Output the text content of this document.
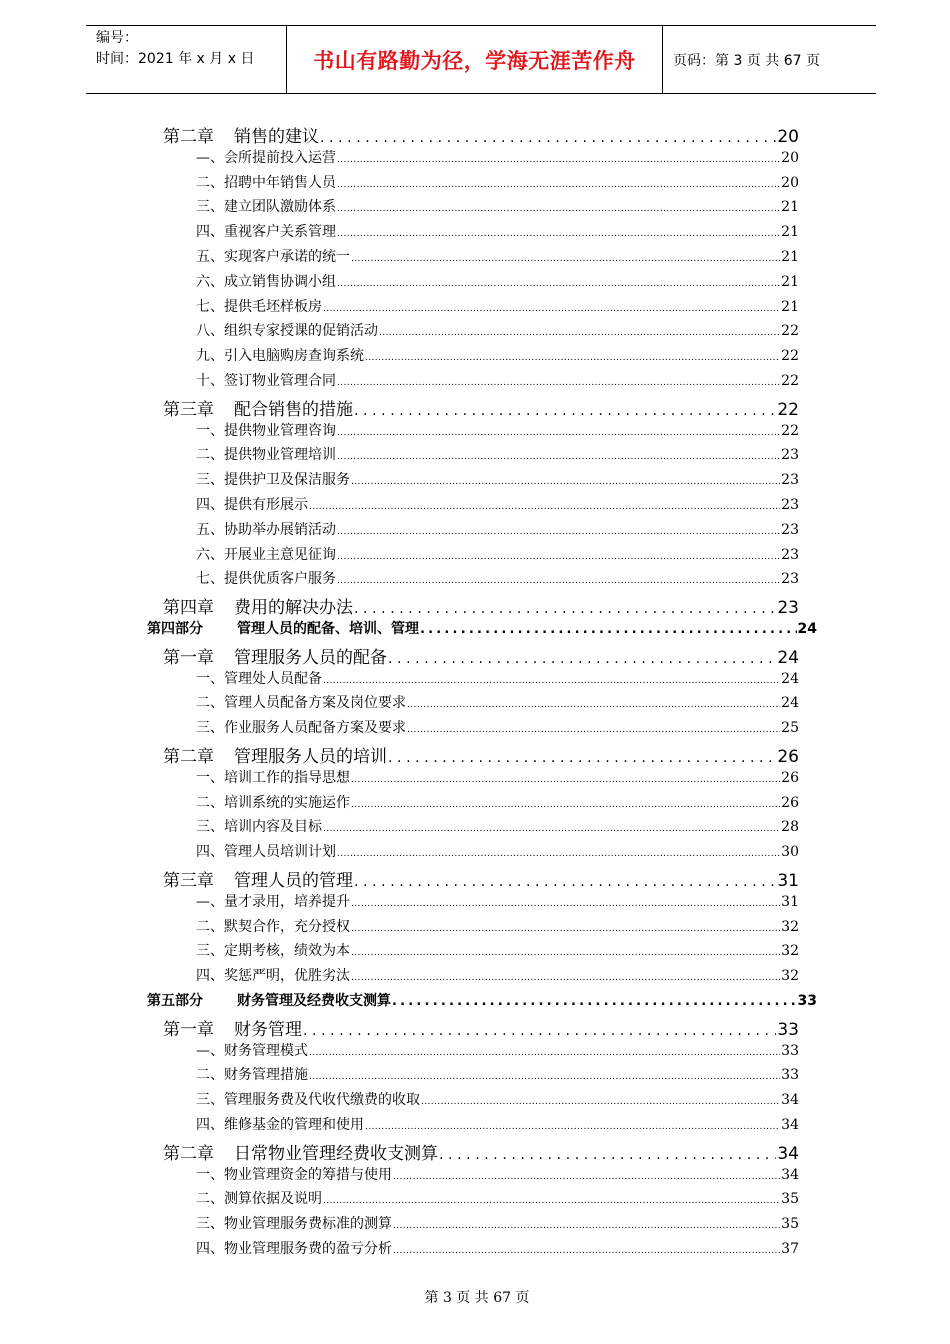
编号：
时间：2021 年 x 月 x 日	书山有路勤为径，学海无涯苦作舟	页码：第 3 页 共 67 页
第二章 销售的建议 .....	20
—、会所提前投入运营 .....	20
二、招聘中年销售人员 .....	20
三、建立团队激励体系 .....	21
四、重视客户关系管理 .....	21
五、实现客户承诺的统一 .....	21
六、成立销售协调小组 .....	21
七、提供毛坯样板房 .....	21
八、组织专家授课的促销活动 .....	22
九、引入电脑购房查询系统 .....	22
十、签订物业管理合同 .....	22
第三章 配合销售的措施 .....	22
一、提供物业管理咨询 .....	22
二、提供物业管理培训 .....	23
三、提供护卫及保洁服务 .....	23
四、提供有形展示 .....	23
五、协助举办展销活动 .....	23
六、开展业主意见征询 .....	23
七、提供优质客户服务 .....	23
第四章 费用的解决办法 .....	23
第四部分 管理人员的配备、培训、管理 .....	24
第一章 管理服务人员的配备 .....	24
一、管理处人员配备 .....	24
二、管理人员配备方案及岗位要求 .....	24
三、作业服务人员配备方案及要求 .....	25
第二章 管理服务人员的培训 .....	26
一、培训工作的指导思想 .....	26
二、培训系统的实施运作 .....	26
三、培训内容及目标 .....	28
四、管理人员培训计划 .....	30
第三章 管理人员的管理 .....	31
—、量才录用，培养提升 .....	31
二、默契合作，充分授权 .....	32
三、定期考核，绩效为本 .....	32
四、奖惩严明，优胜劣汰 .....	32
第五部分 财务管理及经费收支测算 .....	33
第一章 财务管理 .....	33
—、财务管理模式 .....	33
二、财务管理措施 .....	33
三、管理服务费及代收代缴费的收取 .....	34
四、维修基金的管理和使用 .....	34
第二章 日常物业管理经费收支测算 .....	34
一、物业管理资金的筹措与使用 .....	34
二、测算依据及说明 .....	35
三、物业管理服务费标准的测算 .....	35
四、物业管理服务费的盈亏分析 .....	37
第 3 页 共 67 页
